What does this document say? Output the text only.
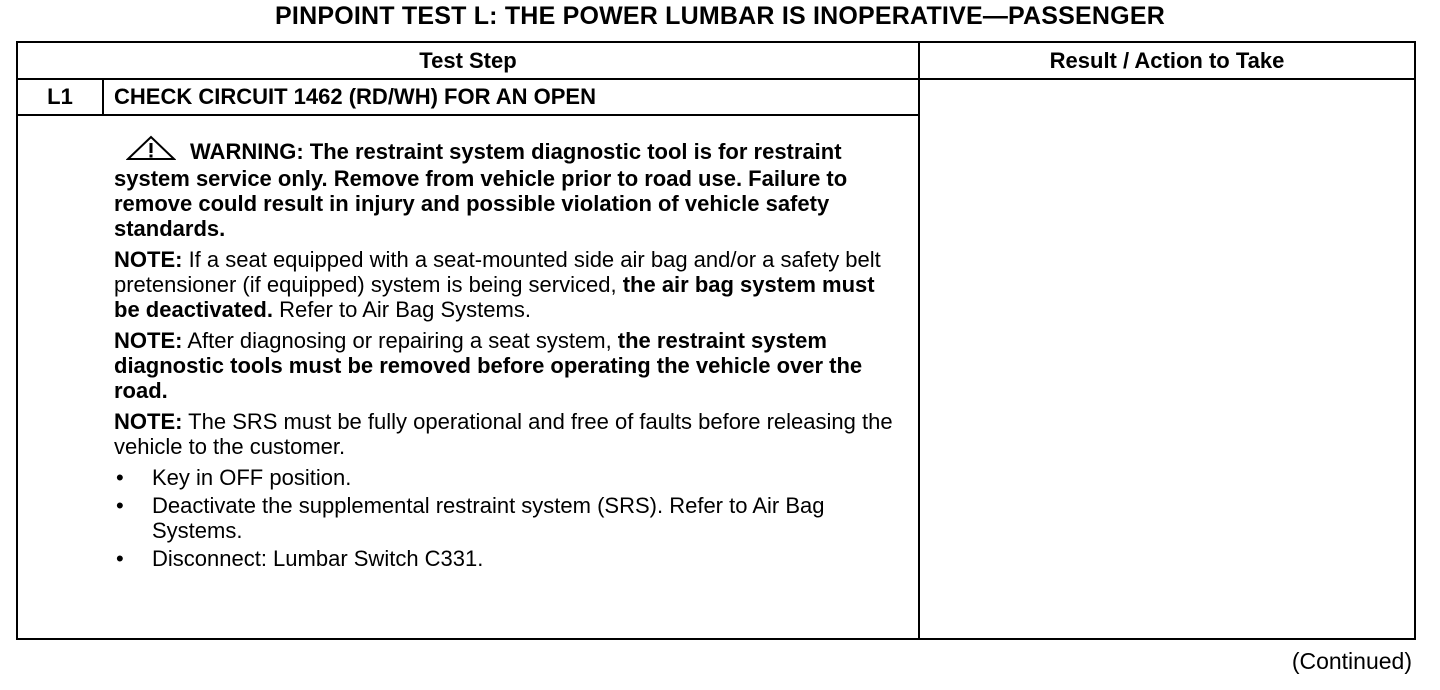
PINPOINT TEST L: THE POWER LUMBAR IS INOPERATIVE—PASSENGER
Test Step	Result / Action to Take
L1	CHECK CIRCUIT 1462 (RD/WH) FOR AN OPEN

WARNING: The restraint system diagnostic tool is for restraint system service only. Remove from vehicle prior to road use. Failure to remove could result in injury and possible violation of vehicle safety standards.

NOTE: If a seat equipped with a seat-mounted side air bag and/or a safety belt pretensioner (if equipped) system is being serviced, the air bag system must be deactivated. Refer to Air Bag Systems.

NOTE: After diagnosing or repairing a seat system, the restraint system diagnostic tools must be removed before operating the vehicle over the road.

NOTE: The SRS must be fully operational and free of faults before releasing the vehicle to the customer.

• Key in OFF position.
• Deactivate the supplemental restraint system (SRS). Refer to Air Bag Systems.
• Disconnect: Lumbar Switch C331.
(Continued)
